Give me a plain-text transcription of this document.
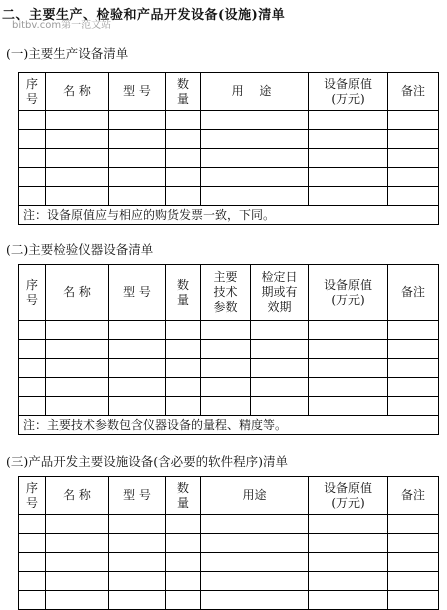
二、主要生产、检验和产品开发设备(设施)清单
bitbv.com第一范文站
(一)主要生产设备清单
序号	名 称	型 号	数量	用 途	设备原值(万元)	备注

注：设备原值应与相应的购货发票一致，下同。						
(二)主要检验仪器设备清单
序号	名 称	型 号	数量	主要技术参数	检定日期或有效期	设备原值(万元)	备注

注：主要技术参数包含仪器设备的量程、精度等。							
(三)产品开发主要设施设备(含必要的软件程序)清单
序号	名 称	型 号	数量	用途	设备原值(万元)	备注
